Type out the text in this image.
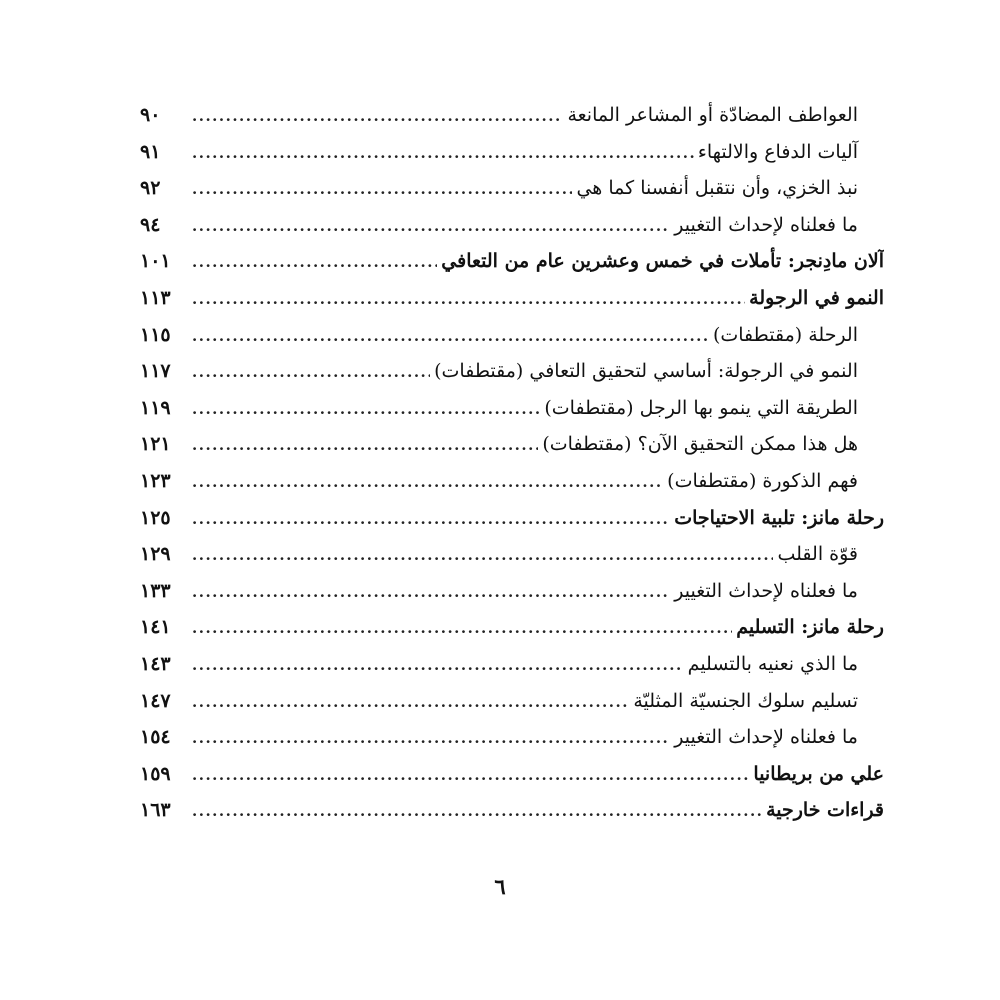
العواطف المضادّة أو المشاعر المانعة
.....
٩٠
آليات الدفاع والالتهاء
.....
٩١
نبذ الخزي، وأن نتقبل أنفسنا كما هي
.....
٩٢
ما فعلناه لإحداث التغيير
.....
٩٤
آلان مادِنجر: تأملات في خمس وعشرين عام من التعافي
.....
١٠١
النمو في الرجولة
.....
١١٣
الرحلة (مقتطفات)
.....
١١٥
النمو في الرجولة: أساسي لتحقيق التعافي (مقتطفات)
.....
١١٧
الطريقة التي ينمو بها الرجل (مقتطفات)
.....
١١٩
هل هذا ممكن التحقيق الآن؟ (مقتطفات)
.....
١٢١
فهم الذكورة (مقتطفات)
.....
١٢٣
رحلة مانز: تلبية الاحتياجات
.....
١٢٥
قوّة القلب
.....
١٢٩
ما فعلناه لإحداث التغيير
.....
١٣٣
رحلة مانز: التسليم
.....
١٤١
ما الذي نعنيه بالتسليم
.....
١٤٣
تسليم سلوك الجنسيّة المثليّة
.....
١٤٧
ما فعلناه لإحداث التغيير
.....
١٥٤
علي من بريطانيا
.....
١٥٩
قراءات خارجية
.....
١٦٣
٦
